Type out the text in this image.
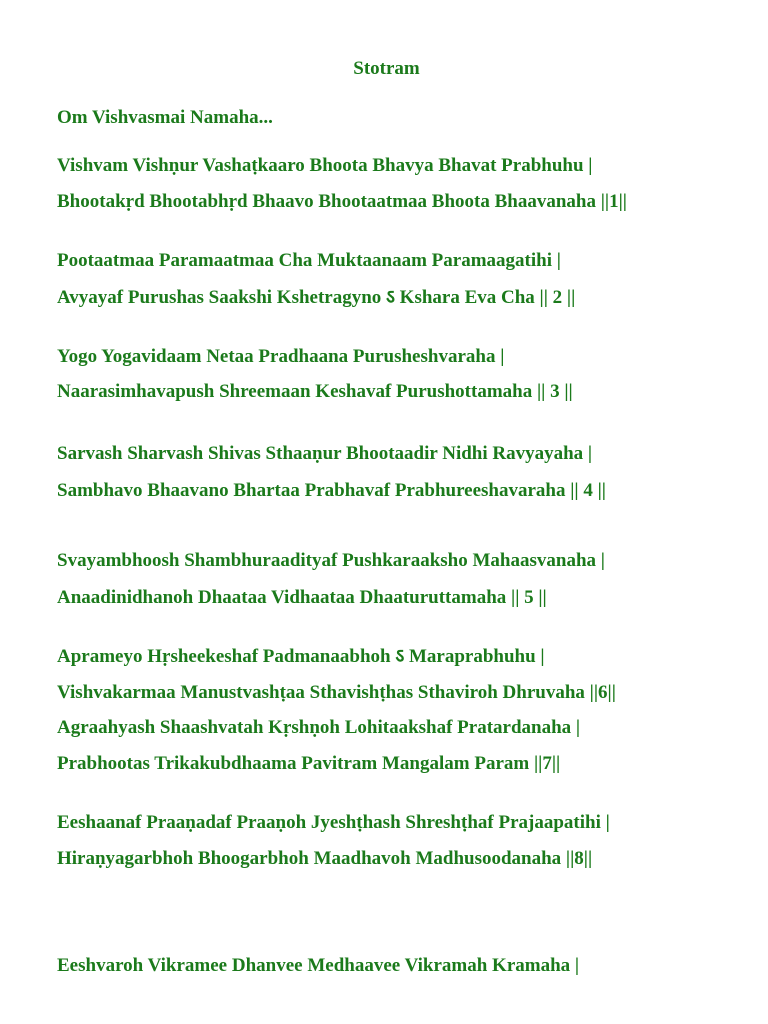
Stotram

Om Vishvasmai Namaha...

Vishvam Vishṇur Vashaṭkaaro Bhoota Bhavya Bhavat Prabhuhu |

Bhootakṛd Bhootabhṛd Bhaavo Bhootaatmaa Bhoota Bhaavanaha ||1||

Pootaatmaa Paramaatmaa Cha Muktaanaam Paramaagatihi |

Avyayaf Purushas Saakshi Kshetragyno ऽ Kshara Eva Cha || 2 ||

Yogo Yogavidaam Netaa Pradhaana Purusheshvaraha |

Naarasimhavapush Shreemaan Keshavaf Purushottamaha || 3 ||

Sarvash Sharvash Shivas Sthaaṇur Bhootaadir Nidhi Ravyayaha |

Sambhavo Bhaavano Bhartaa Prabhavaf Prabhureeshavaraha || 4 ||

Svayambhoosh Shambhuraadityaf Pushkaraaksho Mahaasvanaha |

Anaadinidhanoh Dhaataa Vidhaataa Dhaaturuttamaha || 5 ||

Aprameyo Hṛsheekeshaf Padmanaabhoh ऽ Maraprabhuhu |

Vishvakarmaa Manustvashṭaa Sthavishṭhas Sthaviroh Dhruvaha ||6||

Agraahyash Shaashvatah Kṛshṇoh Lohitaakshaf Pratardanaha |

Prabhootas Trikakubdhaama Pavitram Mangalam Param ||7||

Eeshaanaf Praaṇadaf Praaṇoh Jyeshṭhash Shreshṭhaf Prajaapatihi |

Hiraṇyagarbhoh Bhoogarbhoh Maadhavoh Madhusoodanaha ||8||

Eeshvaroh Vikramee Dhanvee Medhaavee Vikramah Kramaha |
